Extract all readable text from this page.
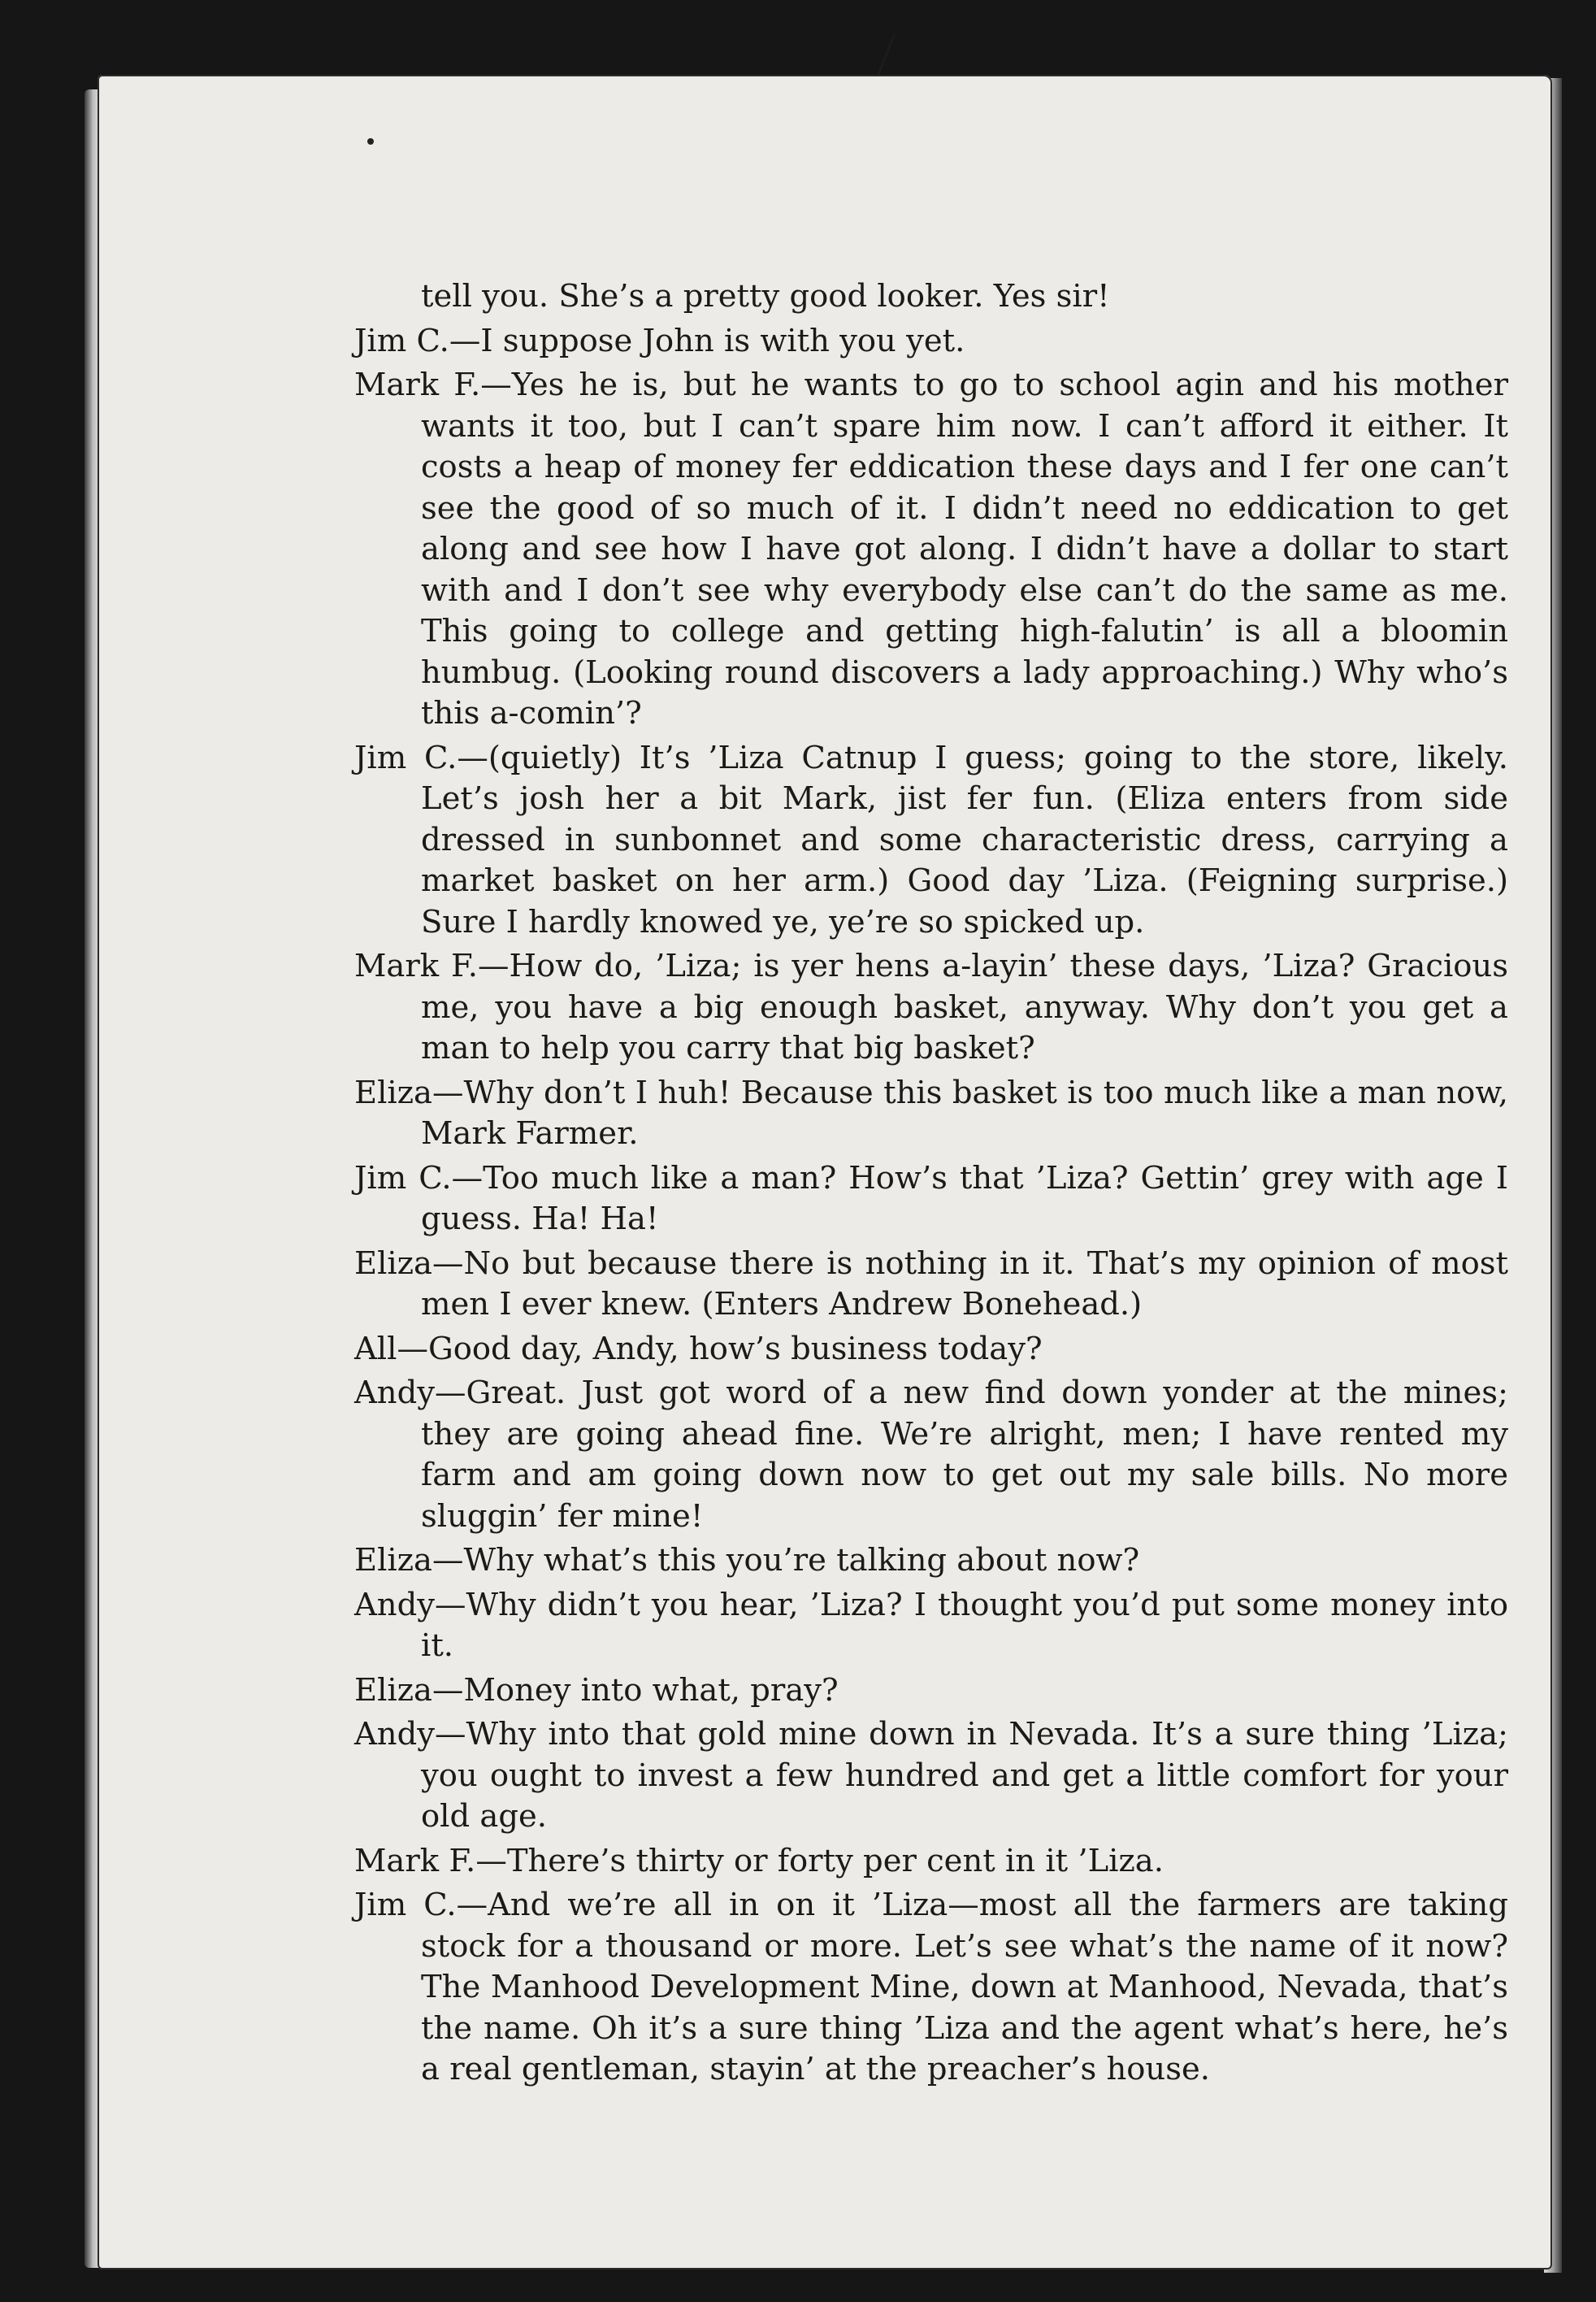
tell you. She’s a pretty good looker. Yes sir!

Jim C.—I suppose John is with you yet.

Mark F.—Yes he is, but he wants to go to school agin and his mother wants it too, but I can’t spare him now. I can’t afford it either. It costs a heap of money fer eddication these days and I fer one can’t see the good of so much of it. I didn’t need no eddication to get along and see how I have got along. I didn’t have a dollar to start with and I don’t see why everybody else can’t do the same as me. This going to college and getting high-falutin’ is all a bloomin humbug. (Looking round discovers a lady approaching.) Why who’s this a-comin’?

Jim C.—(quietly) It’s ’Liza Catnup I guess; going to the store, likely. Let’s josh her a bit Mark, jist fer fun. (Eliza enters from side dressed in sunbonnet and some characteristic dress, carrying a market basket on her arm.) Good day ’Liza. (Feigning surprise.) Sure I hardly knowed ye, ye’re so spicked up.

Mark F.—How do, ’Liza; is yer hens a-layin’ these days, ’Liza? Gracious me, you have a big enough basket, anyway. Why don’t you get a man to help you carry that big basket?

Eliza—Why don’t I huh! Because this basket is too much like a man now, Mark Farmer.

Jim C.—Too much like a man? How’s that ’Liza? Gettin’ grey with age I guess. Ha! Ha!

Eliza—No but because there is nothing in it. That’s my opinion of most men I ever knew. (Enters Andrew Bonehead.)

All—Good day, Andy, how’s business today?

Andy—Great. Just got word of a new find down yonder at the mines; they are going ahead fine. We’re alright, men; I have rented my farm and am going down now to get out my sale bills. No more sluggin’ fer mine!

Eliza—Why what’s this you’re talking about now?

Andy—Why didn’t you hear, ’Liza? I thought you’d put some money into it.

Eliza—Money into what, pray?

Andy—Why into that gold mine down in Nevada. It’s a sure thing ’Liza; you ought to invest a few hundred and get a little comfort for your old age.

Mark F.—There’s thirty or forty per cent in it ’Liza.

Jim C.—And we’re all in on it ’Liza—most all the farmers are taking stock for a thousand or more. Let’s see what’s the name of it now? The Manhood Development Mine, down at Manhood, Nevada, that’s the name. Oh it’s a sure thing ’Liza and the agent what’s here, he’s a real gentleman, stayin’ at the preacher’s house.
